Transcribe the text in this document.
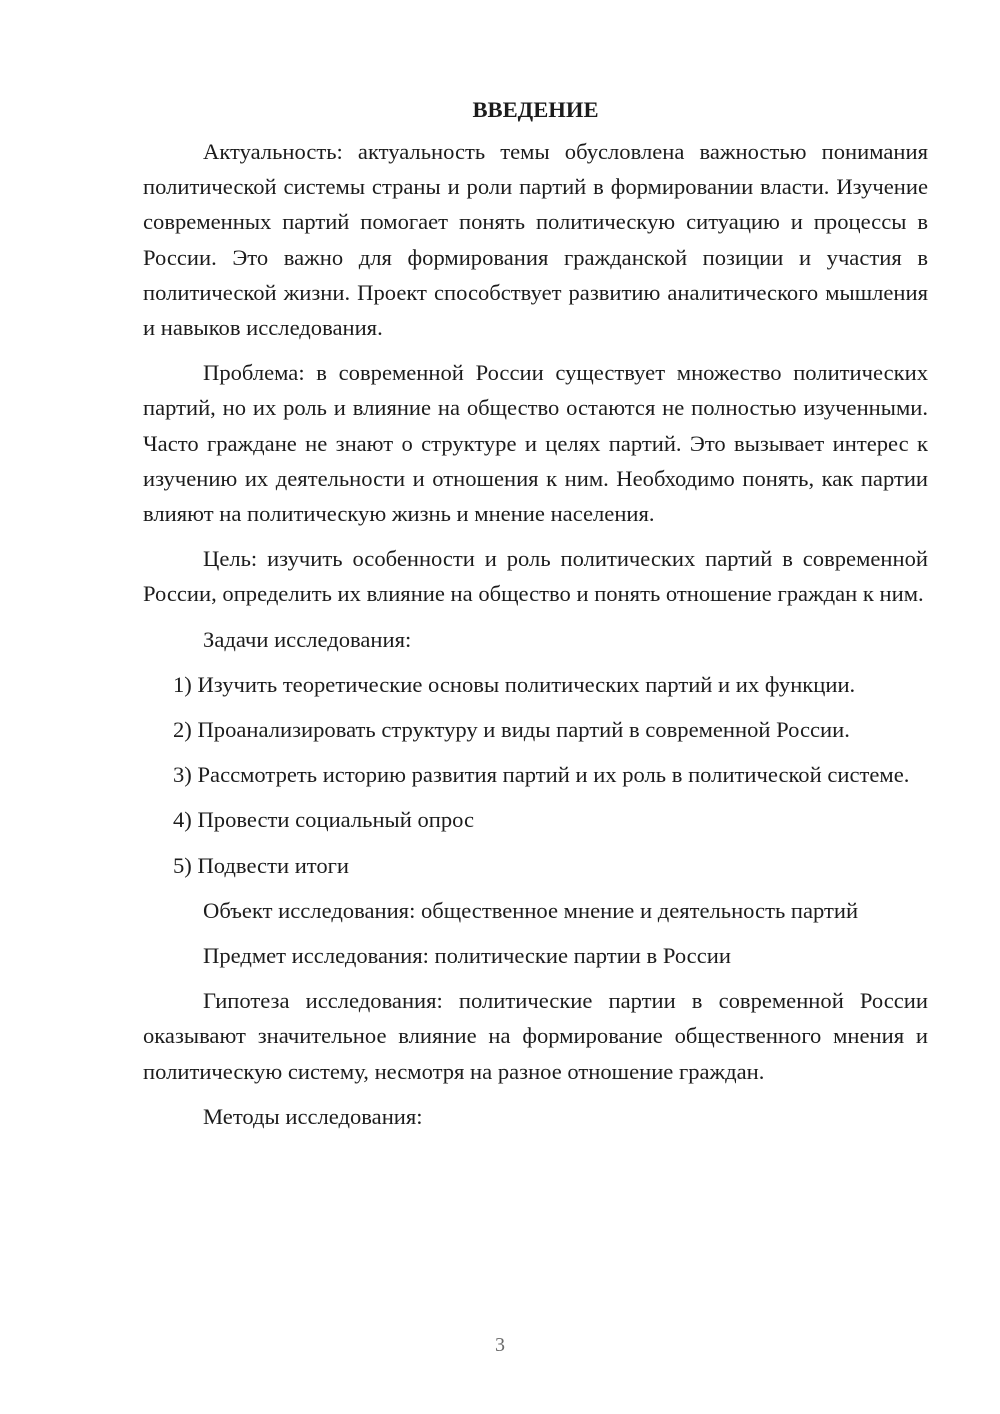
ВВЕДЕНИЕ

Актуальность: актуальность темы обусловлена важностью понимания политической системы страны и роли партий в формировании власти. Изучение современных партий помогает понять политическую ситуацию и процессы в России. Это важно для формирования гражданской позиции и участия в политической жизни. Проект способствует развитию аналитического мышления и навыков исследования.

Проблема: в современной России существует множество политических партий, но их роль и влияние на общество остаются не полностью изученными. Часто граждане не знают о структуре и целях партий. Это вызывает интерес к изучению их деятельности и отношения к ним. Необходимо понять, как партии влияют на политическую жизнь и мнение населения.

Цель: изучить особенности и роль политических партий в современной России, определить их влияние на общество и понять отношение граждан к ним.

Задачи исследования:

1) Изучить теоретические основы политических партий и их функции.

2) Проанализировать структуру и виды партий в современной России.

3) Рассмотреть историю развития партий и их роль в политической системе.

4) Провести социальный опрос

5) Подвести итоги

Объект исследования: общественное мнение и деятельность партий

Предмет исследования: политические партии в России

Гипотеза исследования: политические партии в современной России оказывают значительное влияние на формирование общественного мнения и политическую систему, несмотря на разное отношение граждан.

Методы исследования:

3
